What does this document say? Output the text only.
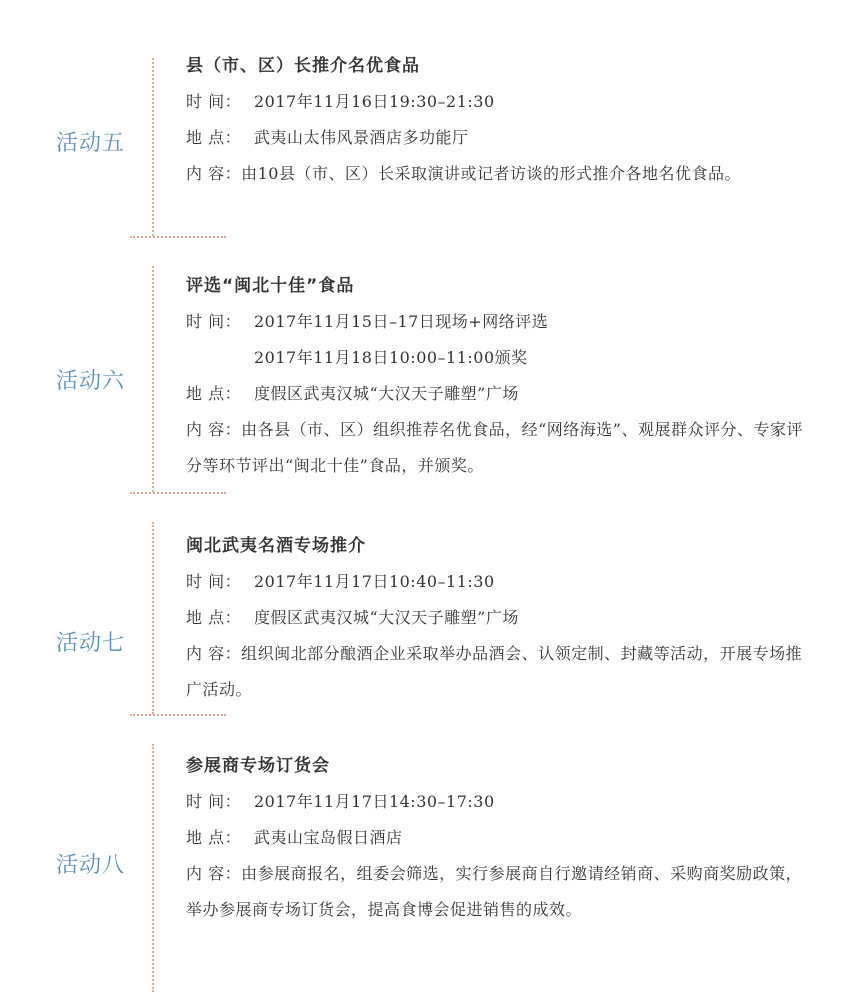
活动五
县（市、区）长推介名优食品
时 间： 2017年11月16日19:30–21:30
地 点： 武夷山太伟风景酒店多功能厅
内 容：由10县（市、区）长采取演讲或记者访谈的形式推介各地名优食品。
活动六
评选“闽北十佳”食品
时 间： 2017年11月15日–17日现场+网络评选
2017年11月18日10:00–11:00颁奖
地 点： 度假区武夷汉城“大汉天子雕塑”广场
内 容：由各县（市、区）组织推荐名优食品，经“网络海选”、观展群众评分、专家评分等环节评出“闽北十佳”食品，并颁奖。
活动七
闽北武夷名酒专场推介
时 间： 2017年11月17日10:40–11:30
地 点： 度假区武夷汉城“大汉天子雕塑”广场
内 容：组织闽北部分酿酒企业采取举办品酒会、认领定制、封藏等活动，开展专场推广活动。
活动八
参展商专场订货会
时 间： 2017年11月17日14:30–17:30
地 点： 武夷山宝岛假日酒店
内 容：由参展商报名，组委会筛选，实行参展商自行邀请经销商、采购商奖励政策，举办参展商专场订货会，提高食博会促进销售的成效。
